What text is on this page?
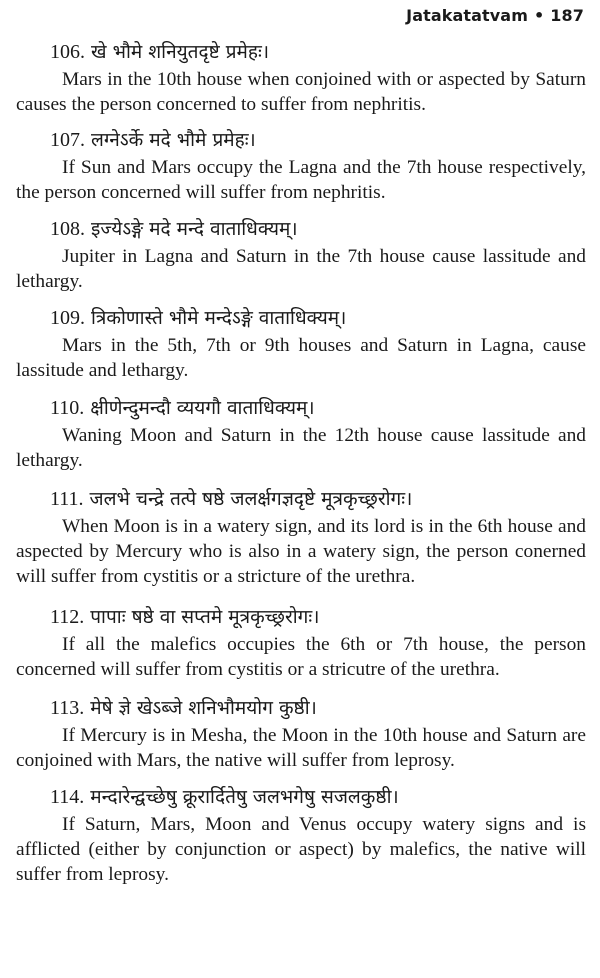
Jatakatatvam • 187
106. खे भौमे शनियुतदृष्टे प्रमेहः।
Mars in the 10th house when conjoined with or aspected by Saturn causes the person concerned to suffer from nephritis.
107. लग्नेऽर्के मदे भौमे प्रमेहः।
If Sun and Mars occupy the Lagna and the 7th house respectively, the person concerned will suffer from nephritis.
108. इज्येऽङ्गे मदे मन्दे वाताधिक्यम्।
Jupiter in Lagna and Saturn in the 7th house cause lassitude and lethargy.
109. त्रिकोणास्ते भौमे मन्देऽङ्गे वाताधिक्यम्।
Mars in the 5th, 7th or 9th houses and Saturn in Lagna, cause lassitude and lethargy.
110. क्षीणेन्दुमन्दौ व्ययगौ वाताधिक्यम्।
Waning Moon and Saturn in the 12th house cause lassitude and lethargy.
111. जलभे चन्द्रे तत्पे षष्ठे जलर्क्षगज्ञदृष्टे मूत्रकृच्छ्ररोगः।
When Moon is in a watery sign, and its lord is in the 6th house and aspected by Mercury who is also in a watery sign, the person conerned will suffer from cystitis or a stricture of the urethra.
112. पापाः षष्ठे वा सप्तमे मूत्रकृच्छ्ररोगः।
If all the malefics occupies the 6th or 7th house, the person concerned will suffer from cystitis or a stricutre of the urethra.
113. मेषे ज्ञे खेऽब्जे शनिभौमयोग कुष्ठी।
If Mercury is in Mesha, the Moon in the 10th house and Saturn are conjoined with Mars, the native will suffer from leprosy.
114. मन्दारेन्द्वच्छेषु क्रूरार्दितेषु जलभगेषु सजलकुष्ठी।
If Saturn, Mars, Moon and Venus occupy watery signs and is afflicted (either by conjunction or aspect) by malefics, the native will suffer from leprosy.
